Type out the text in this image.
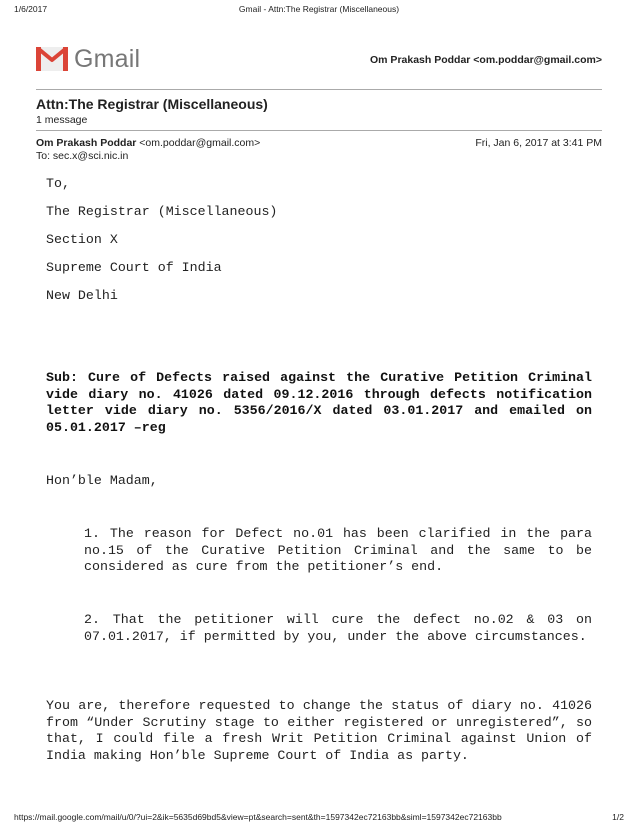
1/6/2017	Gmail - Attn:The Registrar (Miscellaneous)
Gmail	Om Prakash Poddar <om.poddar@gmail.com>
Attn:The Registrar (Miscellaneous)
1 message
Om Prakash Poddar <om.poddar@gmail.com>	Fri, Jan 6, 2017 at 3:41 PM
To: sec.x@sci.nic.in

To,

The Registrar (Miscellaneous)

Section X

Supreme Court of India

New Delhi

Sub: Cure of Defects raised against the Curative Petition Criminal vide diary no. 41026 dated 09.12.2016 through defects notification letter vide diary no. 5356/2016/X dated 03.01.2017 and emailed on 05.01.2017 –reg
Hon’ble Madam,
1. The reason for Defect no.01 has been clarified in the para no.15 of the Curative Petition Criminal and the same to be considered as cure from the petitioner’s end.
2. That the petitioner will cure the defect no.02 & 03 on 07.01.2017, if permitted by you, under the above circumstances.
You are, therefore requested to change the status of diary no. 41026 from “Under Scrutiny stage to either registered or unregistered”, so that, I could file a fresh Writ Petition Criminal against Union of India making Hon’ble Supreme Court of India as party.
https://mail.google.com/mail/u/0/?ui=2&ik=5635d69bd5&view=pt&search=sent&th=1597342ec72163bb&siml=1597342ec72163bb	1/2
